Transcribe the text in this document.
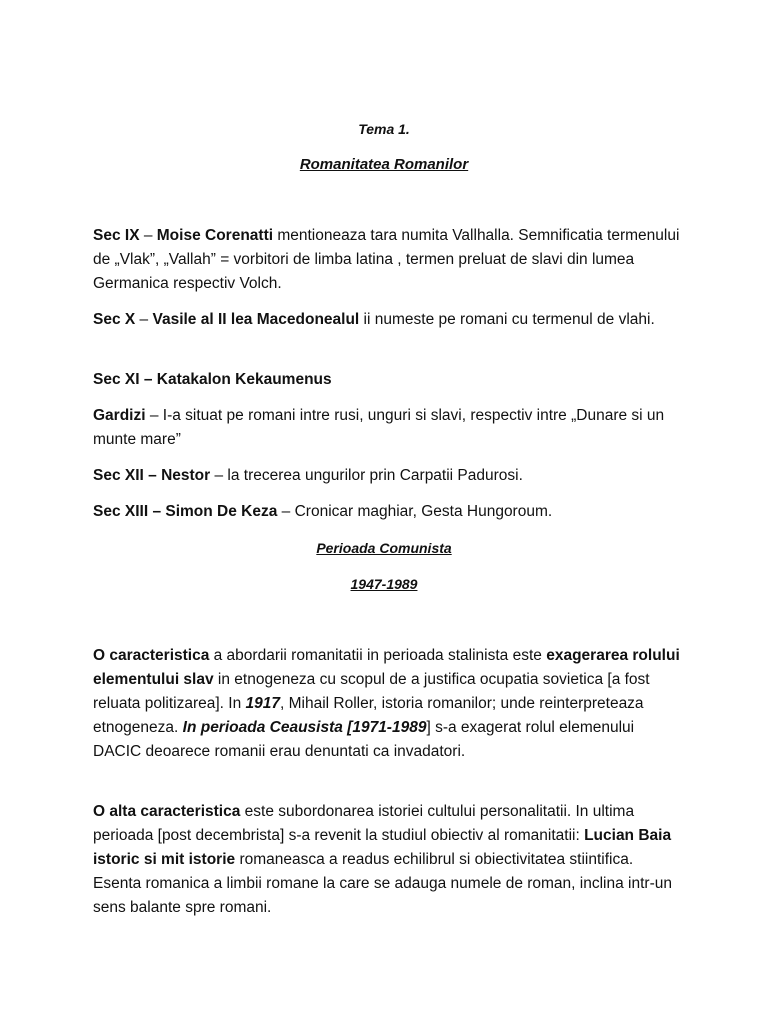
Tema 1.
Romanitatea Romanilor

Sec IX – Moise Corenatti mentioneaza tara numita Vallhalla. Semnificatia termenului de „Vlak”, „Vallah” = vorbitori de limba latina , termen preluat de slavi din lumea Germanica respectiv Volch.

Sec X – Vasile al II lea Macedonealul ii numeste pe romani cu termenul de vlahi.

Sec XI – Katakalon Kekaumenus

Gardizi – I-a situat pe romani intre rusi, unguri si slavi, respectiv intre „Dunare si un munte mare”

Sec XII – Nestor – la trecerea ungurilor prin Carpatii Padurosi.

Sec XIII – Simon De Keza – Cronicar maghiar, Gesta Hungoroum.

Perioada Comunista
1947-1989

O caracteristica a abordarii romanitatii in perioada stalinista este exagerarea rolului elementului slav in etnogeneza cu scopul de a justifica ocupatia sovietica [a fost reluata politizarea]. In 1917, Mihail Roller, istoria romanilor; unde reinterpreteaza etnogeneza. In perioada Ceausista [1971-1989] s-a exagerat rolul elemenului DACIC deoarece romanii erau denuntati ca invadatori.

O alta caracteristica este subordonarea istoriei cultului personalitatii. In ultima perioada [post decembrista] s-a revenit la studiul obiectiv al romanitatii: Lucian Baia istoric si mit istorie romaneasca a readus echilibrul si obiectivitatea stiintifica. Esenta romanica a limbii romane la care se adauga numele de roman, inclina intr-un sens balante spre romani.
